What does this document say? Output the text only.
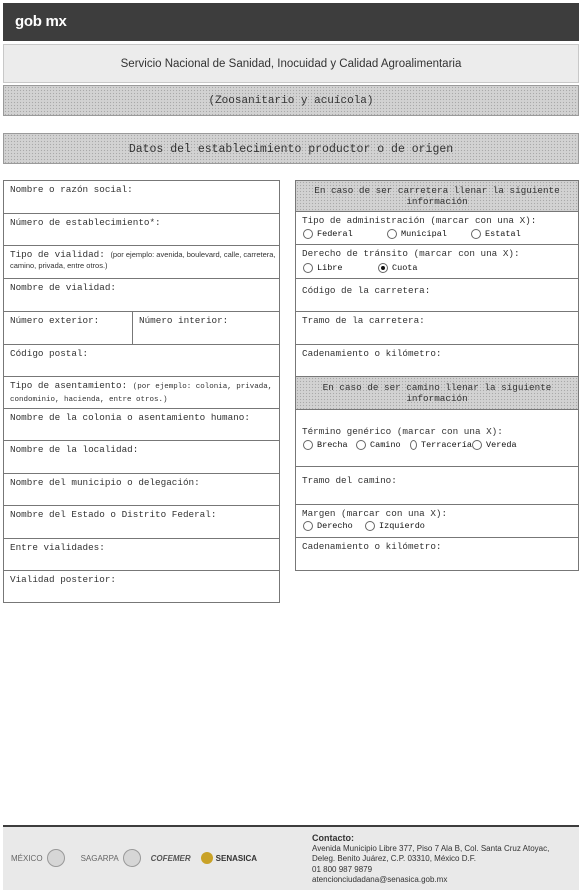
gob mx
Servicio Nacional de Sanidad, Inocuidad y Calidad Agroalimentaria
(Zoosanitario y acuícola)
Datos del establecimiento productor o de origen
Nombre o razón social:
Número de establecimiento*:
Tipo de vialidad: (por ejemplo: avenida, boulevard, calle, carretera, camino, privada, entre otros.)
Nombre de vialidad:
Número exterior:	Número interior:
Código postal:
Tipo de asentamiento: (por ejemplo: colonia, privada, condominio, hacienda, entre otros.)
Nombre de la colonia o asentamiento humano:
Nombre de la localidad:
Nombre del municipio o delegación:
Nombre del Estado o Distrito Federal:
Entre vialidades:
Vialidad posterior:
En caso de ser carretera llenar la siguiente información
Tipo de administración (marcar con una X):
Federal	Municipal	Estatal
Derecho de tránsito (marcar con una X):
Libre	Cuota
Código de la carretera:
Tramo de la carretera:
Cadenamiento o kilómetro:
En caso de ser camino llenar la siguiente información
Término genérico (marcar con una X):
Brecha	Camino Terracería Vereda
Tramo del camino:
Margen (marcar con una X):
Derecho	Izquierdo
Cadenamiento o kilómetro:
MÉXICO	SAGARPA	COFEMER	SENASICA
Contacto:
Avenida Municipio Libre 377, Piso 7 Ala B, Col. Santa Cruz Atoyac,
Deleg. Benito Juárez, C.P. 03310, México D.F.
01 800 987 9879
atencionciudadana@senasica.gob.mx
